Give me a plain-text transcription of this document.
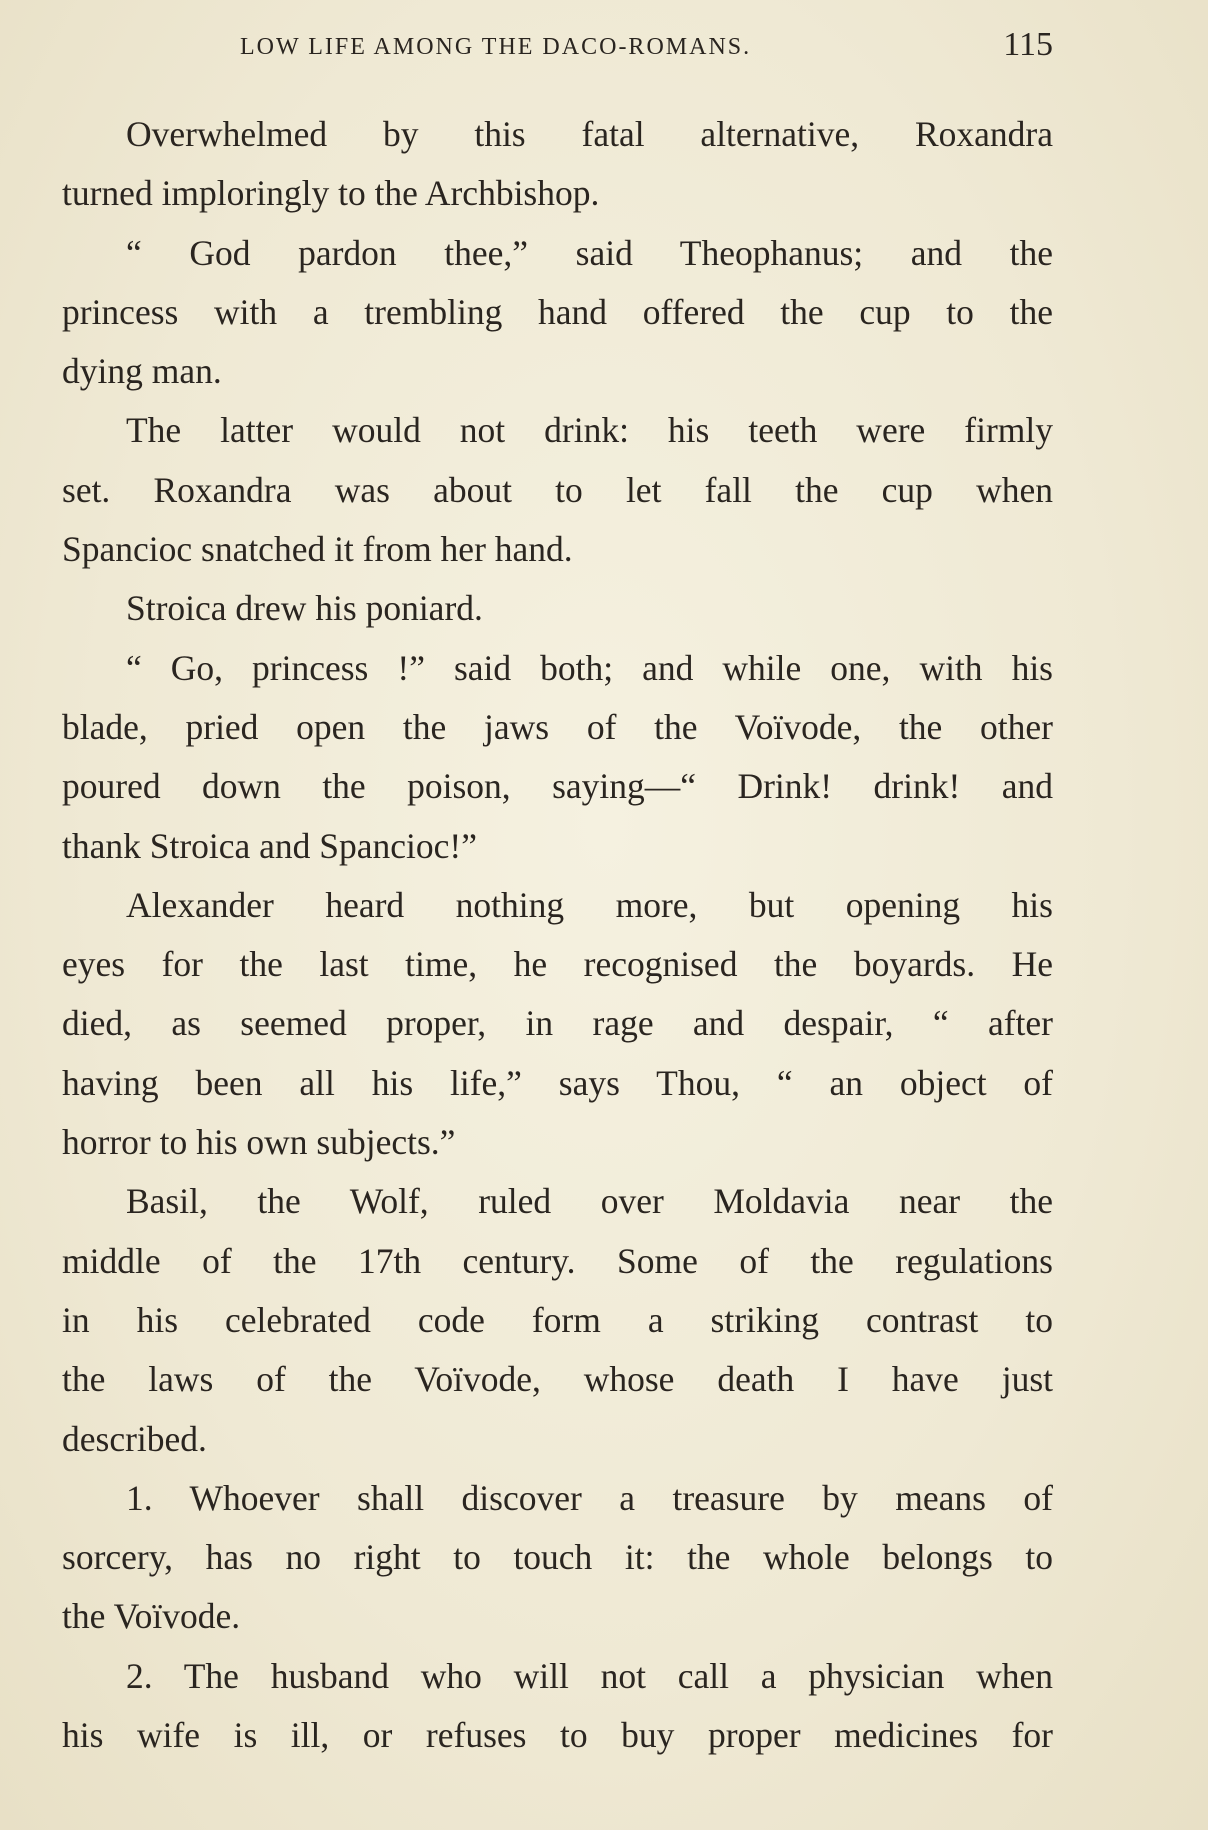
LOW LIFE AMONG THE DACO-ROMANS.	115
Overwhelmed by this fatal alternative, Roxandra
turned imploringly to the Archbishop.
“ God pardon thee,” said Theophanus; and the
princess with a trembling hand offered the cup to the
dying man.
The latter would not drink: his teeth were firmly
set. Roxandra was about to let fall the cup when
Spancioc snatched it from her hand.
Stroica drew his poniard.
“ Go, princess !” said both; and while one, with his
blade, pried open the jaws of the Voïvode, the other
poured down the poison, saying—“ Drink! drink! and
thank Stroica and Spancioc!”
Alexander heard nothing more, but opening his
eyes for the last time, he recognised the boyards. He
died, as seemed proper, in rage and despair, “ after
having been all his life,” says Thou, “ an object of
horror to his own subjects.”
Basil, the Wolf, ruled over Moldavia near the
middle of the 17th century. Some of the regulations
in his celebrated code form a striking contrast to
the laws of the Voïvode, whose death I have just
described.
1. Whoever shall discover a treasure by means of
sorcery, has no right to touch it: the whole belongs to
the Voïvode.
2. The husband who will not call a physician when
his wife is ill, or refuses to buy proper medicines for
